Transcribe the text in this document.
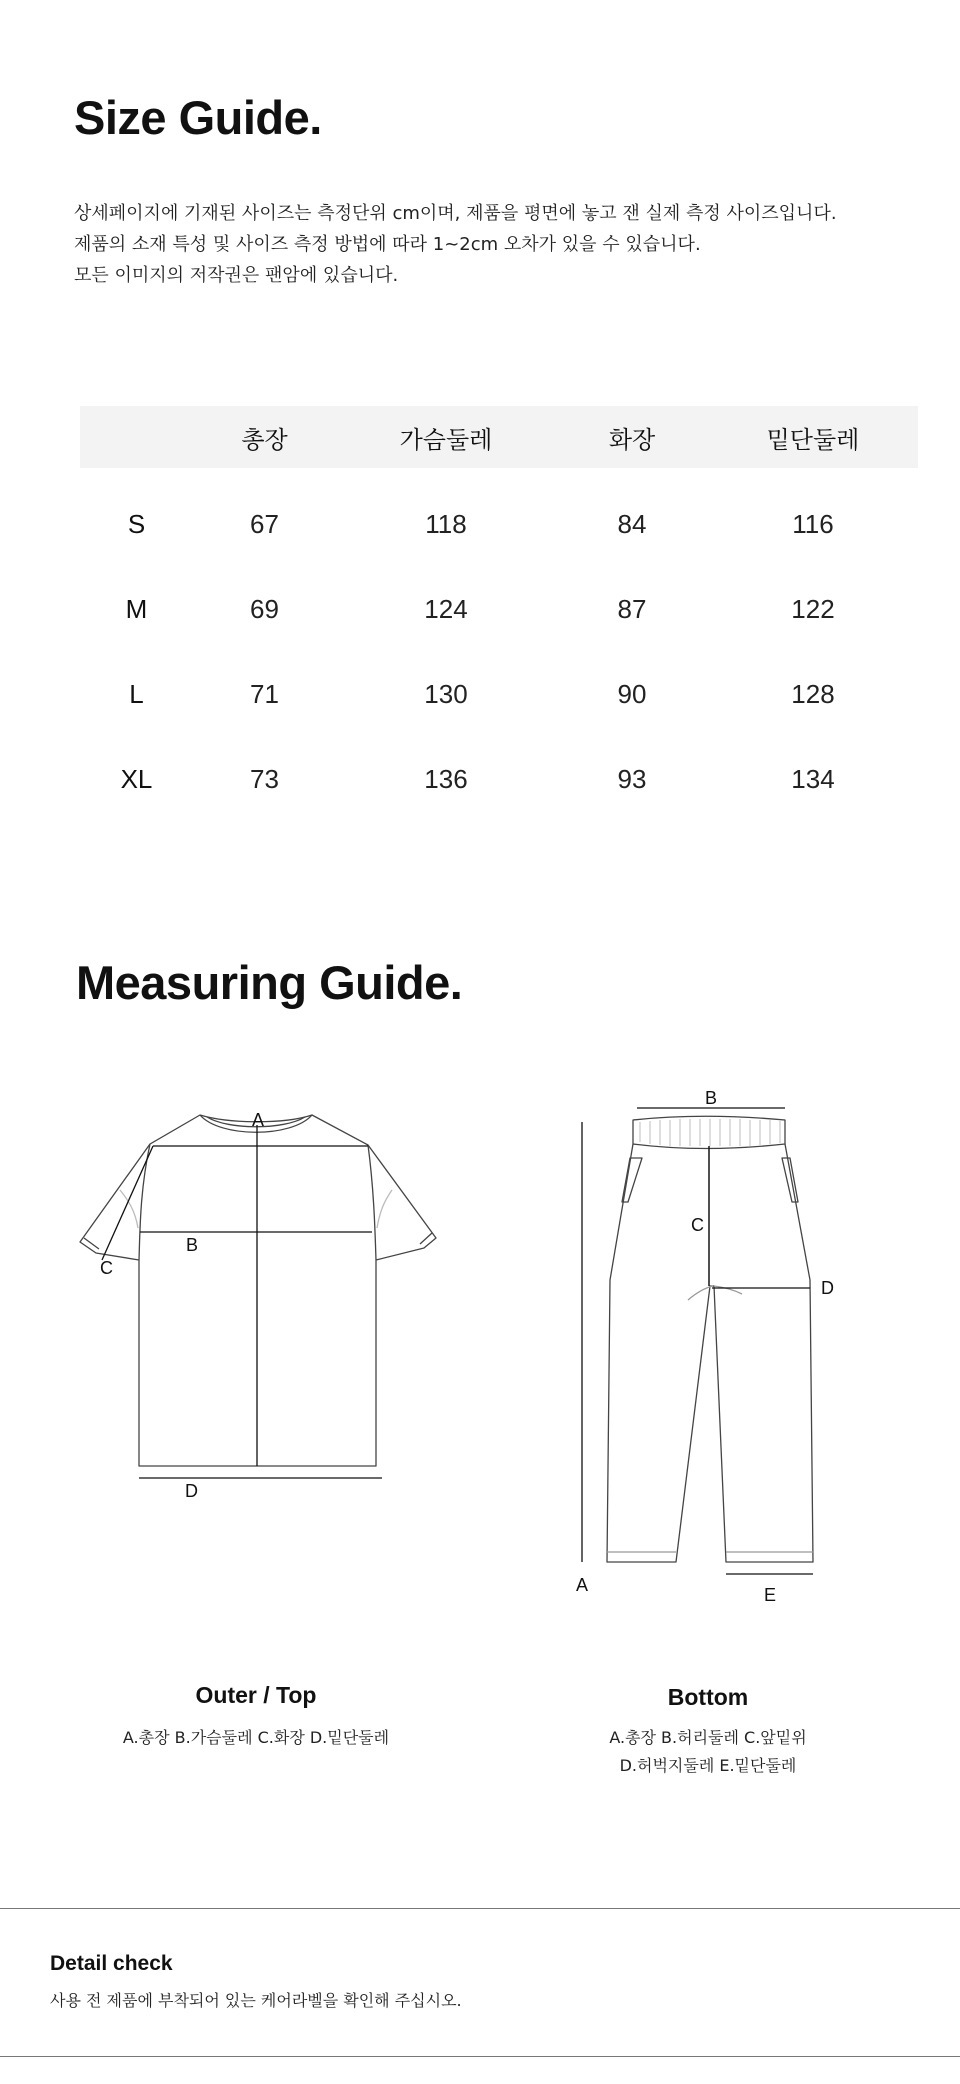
Size Guide.
상세페이지에 기재된 사이즈는 측정단위 cm이며, 제품을 평면에 놓고 잰 실제 측정 사이즈입니다.
제품의 소재 특성 및 사이즈 측정 방법에 따라 1~2cm 오차가 있을 수 있습니다.
모든 이미지의 저작권은 팬암에 있습니다.
	총장	가슴둘레	화장	밑단둘레
S	67	118	84	116
M	69	124	87	122
L	71	130	90	128
XL	73	136	93	134
Measuring Guide.
A
B
C
D
B
C
D
A	E
Outer / Top
A.총장 B.가슴둘레 C.화장 D.밑단둘레
Bottom
A.총장 B.허리둘레 C.앞밑위
D.허벅지둘레 E.밑단둘레
Detail check
사용 전 제품에 부착되어 있는 케어라벨을 확인해 주십시오.
